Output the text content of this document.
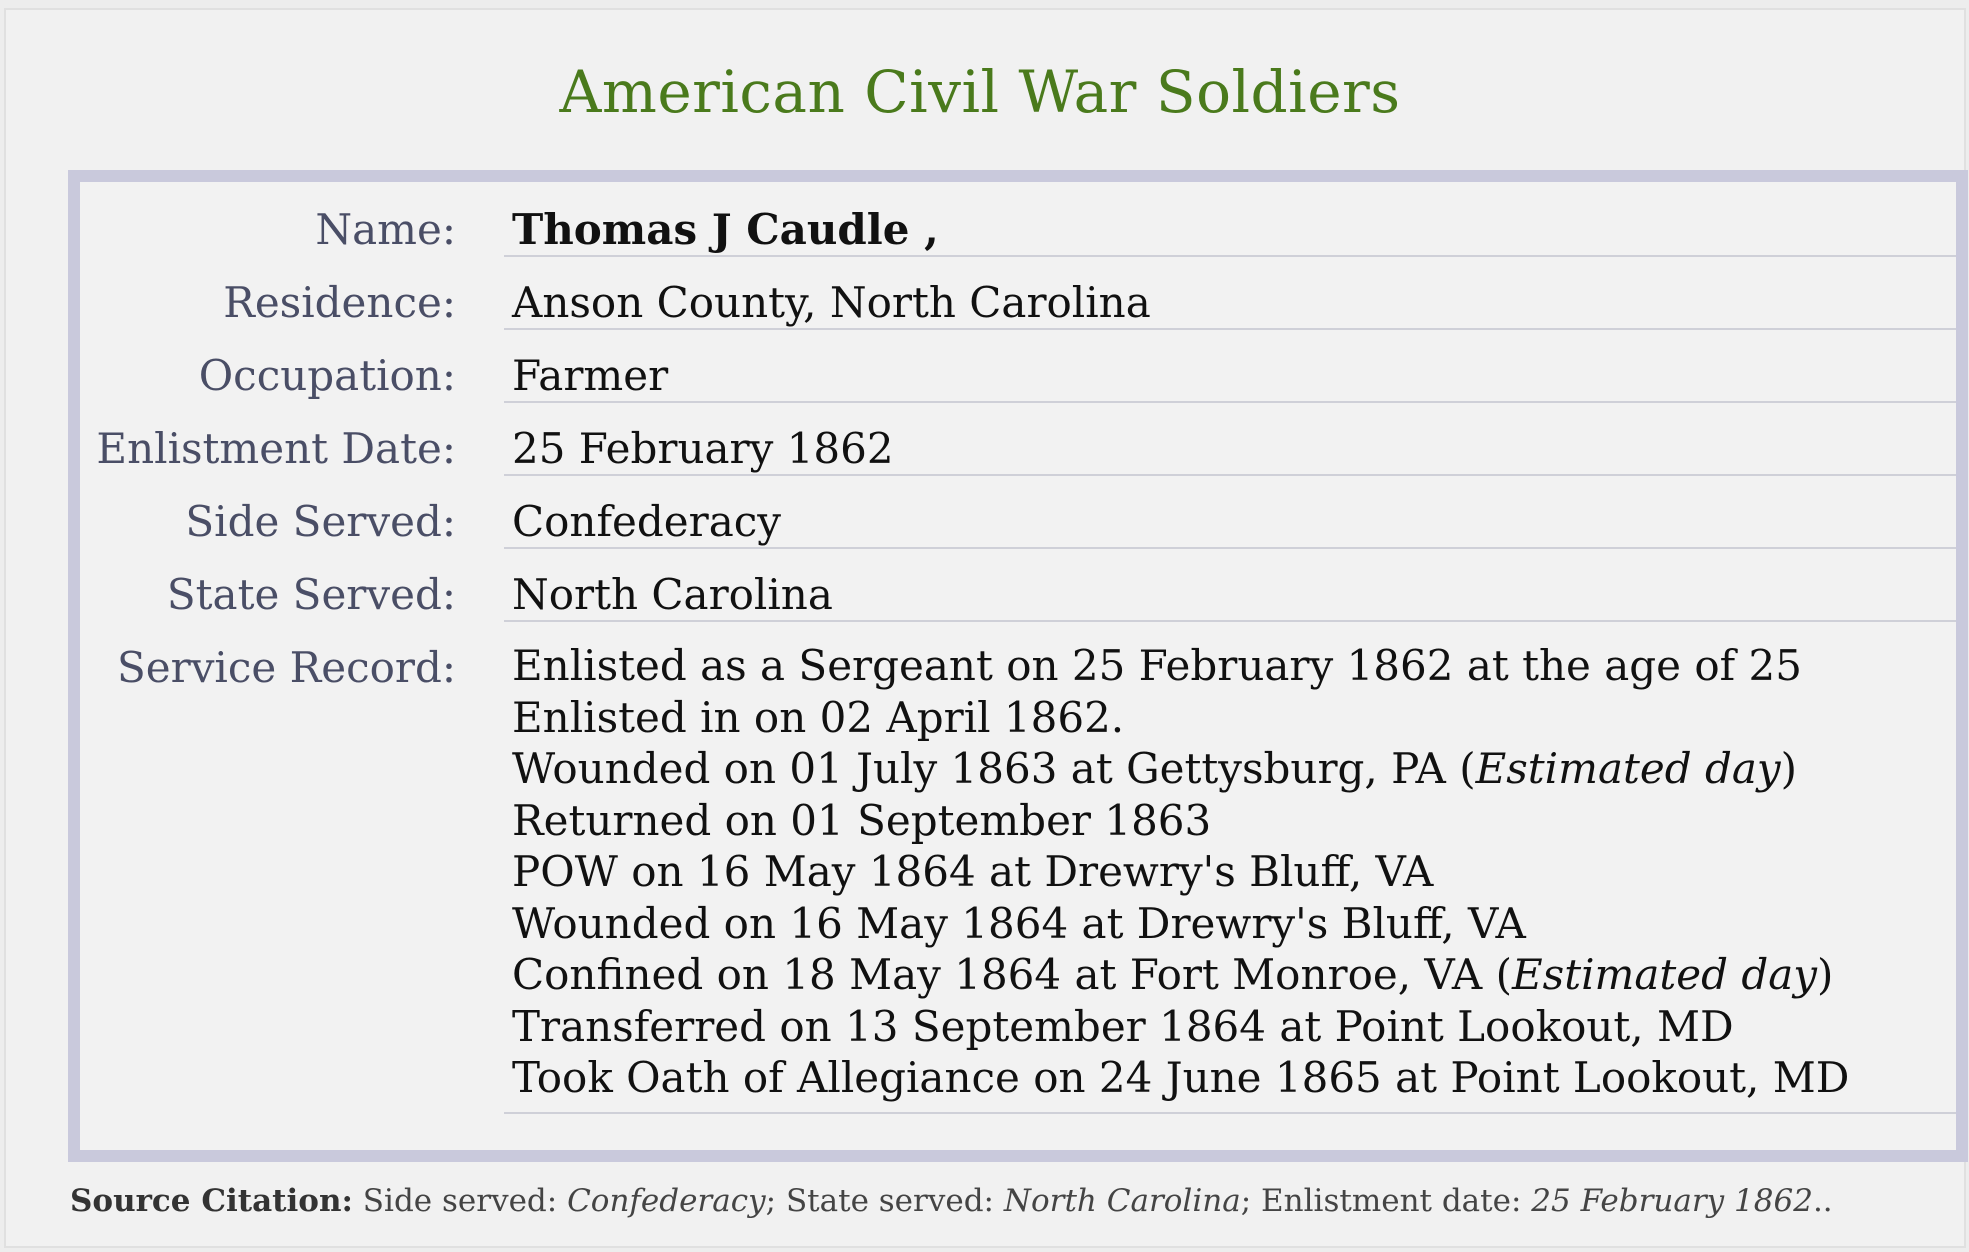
American Civil War Soldiers
Name: Thomas J Caudle ,
Residence: Anson County, North Carolina
Occupation: Farmer
Enlistment Date: 25 February 1862
Side Served: Confederacy
State Served: North Carolina
Service Record: Enlisted as a Sergeant on 25 February 1862 at the age of 25
Enlisted in on 02 April 1862.
Wounded on 01 July 1863 at Gettysburg, PA (Estimated day)
Returned on 01 September 1863
POW on 16 May 1864 at Drewry's Bluff, VA
Wounded on 16 May 1864 at Drewry's Bluff, VA
Confined on 18 May 1864 at Fort Monroe, VA (Estimated day)
Transferred on 13 September 1864 at Point Lookout, MD
Took Oath of Allegiance on 24 June 1865 at Point Lookout, MD
Source Citation: Side served: Confederacy; State served: North Carolina; Enlistment date: 25 February 1862..
